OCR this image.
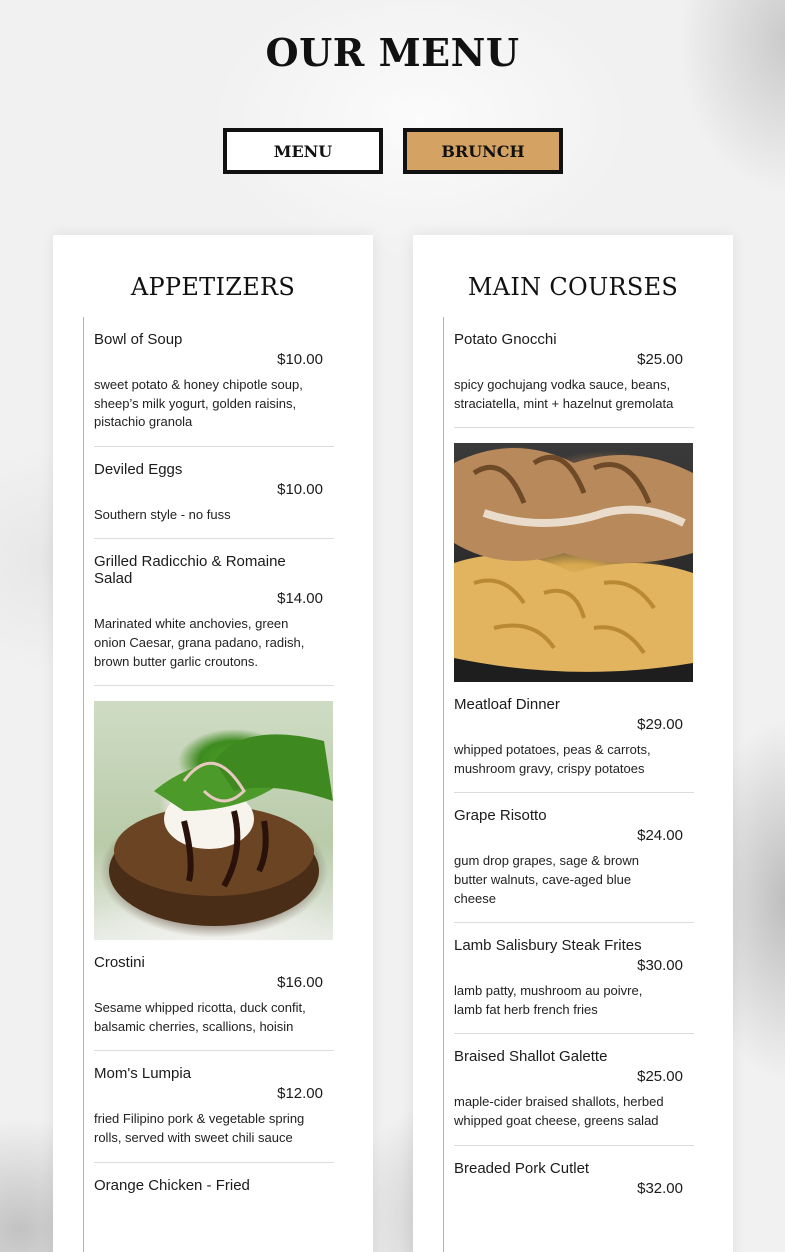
OUR MENU
MENU	BRUNCH
APPETIZERS
Bowl of Soup
$10.00
sweet potato & honey chipotle soup, sheep’s milk yogurt, golden raisins, pistachio granola
Deviled Eggs
$10.00
Southern style - no fuss
Grilled Radicchio & Romaine Salad
$14.00
Marinated white anchovies, green onion Caesar, grana padano, radish, brown butter garlic croutons.
Crostini
$16.00
Sesame whipped ricotta, duck confit, balsamic cherries, scallions, hoisin
Mom's Lumpia
$12.00
fried Filipino pork & vegetable spring rolls, served with sweet chili sauce
Orange Chicken - Fried
MAIN COURSES
Potato Gnocchi
$25.00
spicy gochujang vodka sauce, beans, straciatella, mint + hazelnut gremolata
Meatloaf Dinner
$29.00
whipped potatoes, peas & carrots, mushroom gravy, crispy potatoes
Grape Risotto
$24.00
gum drop grapes, sage & brown butter walnuts, cave-aged blue cheese
Lamb Salisbury Steak Frites
$30.00
lamb patty, mushroom au poivre, lamb fat herb french fries
Braised Shallot Galette
$25.00
maple-cider braised shallots, herbed whipped goat cheese, greens salad
Breaded Pork Cutlet
$32.00
